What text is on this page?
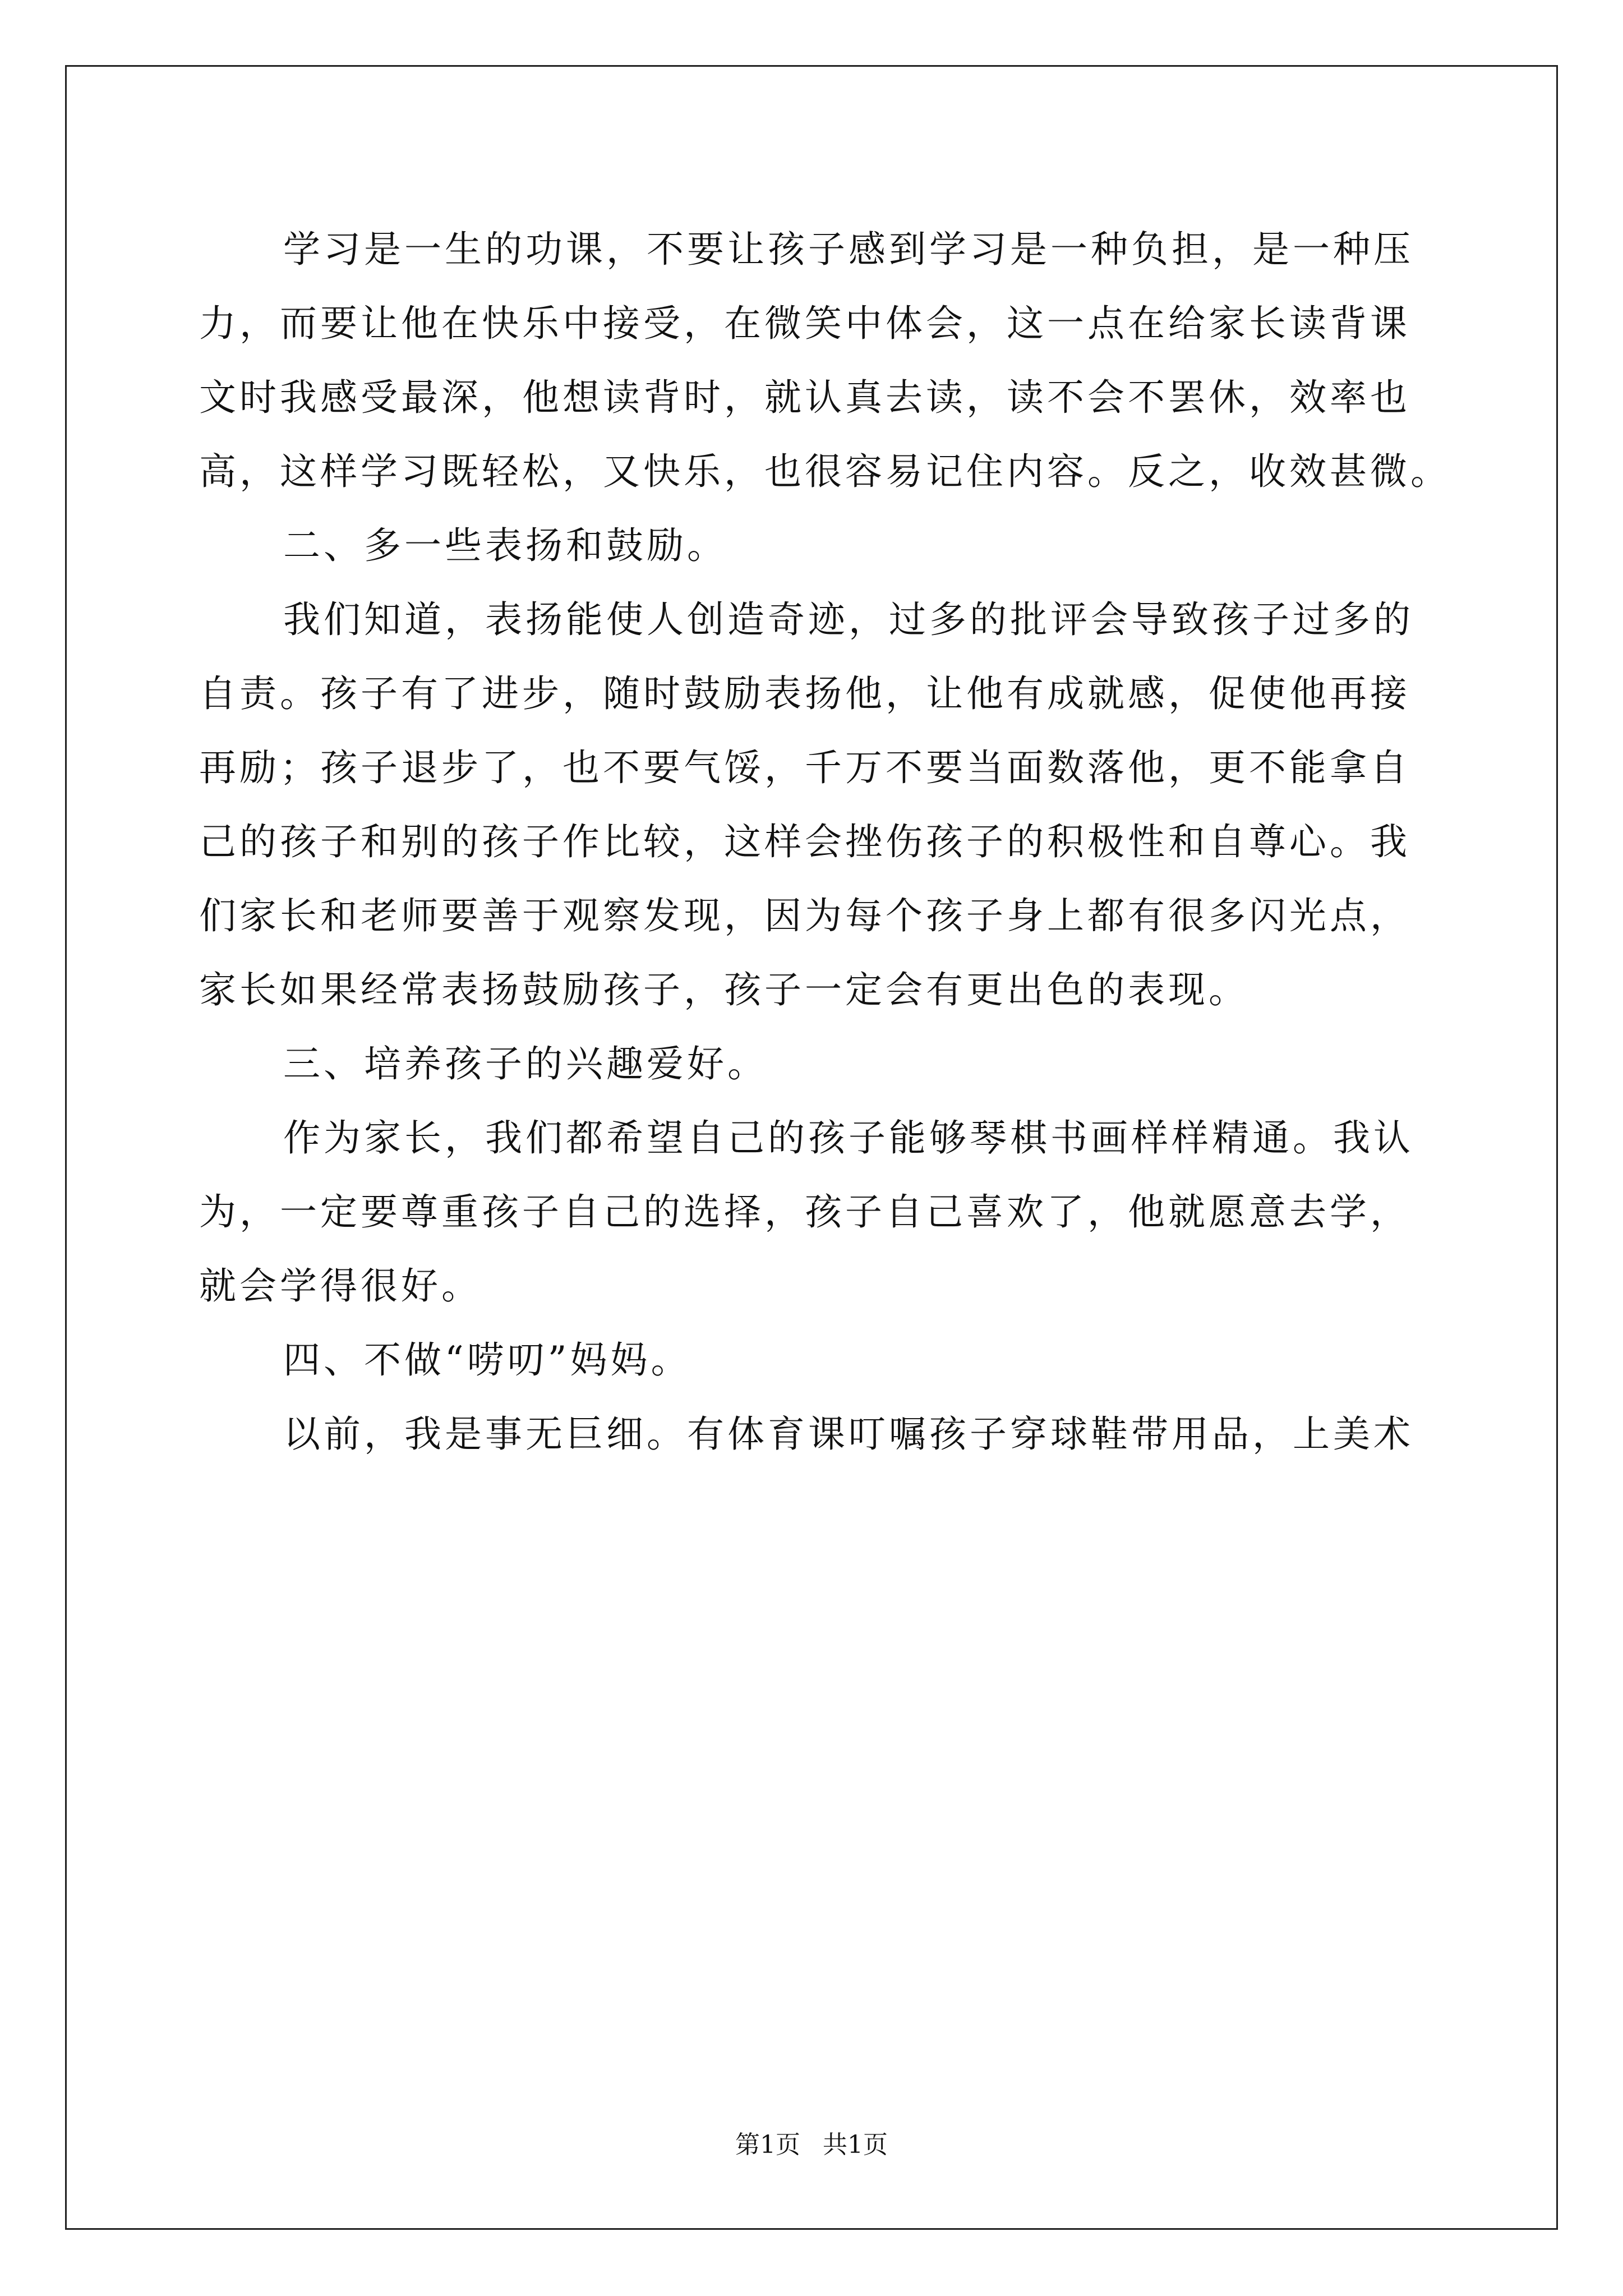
学习是一生的功课，不要让孩子感到学习是一种负担，是一种压
力，而要让他在快乐中接受，在微笑中体会，这一点在给家长读背课
文时我感受最深，他想读背时，就认真去读，读不会不罢休，效率也
高，这样学习既轻松，又快乐，也很容易记住内容。反之，收效甚微。
二、多一些表扬和鼓励。
我们知道，表扬能使人创造奇迹，过多的批评会导致孩子过多的
自责。孩子有了进步，随时鼓励表扬他，让他有成就感，促使他再接
再励；孩子退步了，也不要气馁，千万不要当面数落他，更不能拿自
己的孩子和别的孩子作比较，这样会挫伤孩子的积极性和自尊心。我
们家长和老师要善于观察发现，因为每个孩子身上都有很多闪光点，
家长如果经常表扬鼓励孩子，孩子一定会有更出色的表现。
三、培养孩子的兴趣爱好。
作为家长，我们都希望自己的孩子能够琴棋书画样样精通。我认
为，一定要尊重孩子自己的选择，孩子自己喜欢了，他就愿意去学，
就会学得很好。
四、不做“唠叨”妈妈。
以前，我是事无巨细。有体育课叮嘱孩子穿球鞋带用品，上美术
第1页 共1页
